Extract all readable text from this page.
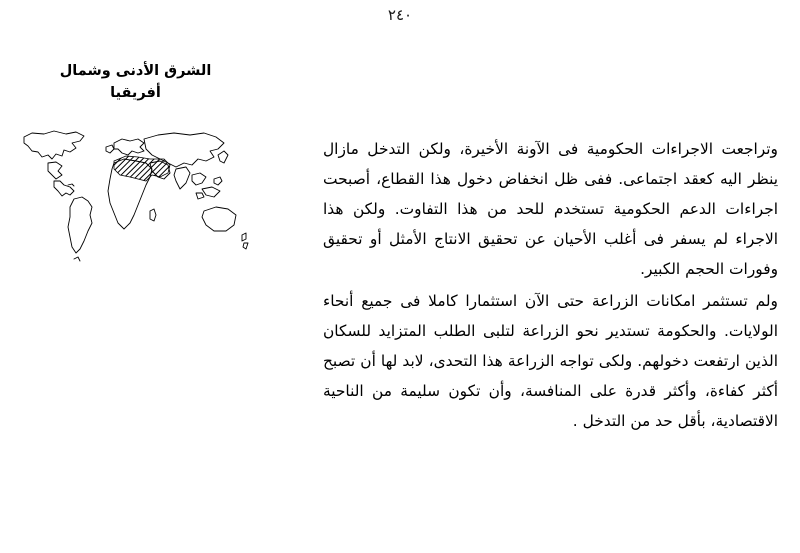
٢٤٠
الشرق الأدنى وشمال
أفريقيا

وتراجعت الاجراءات الحكومية فى الآونة الأخيرة، ولكن التدخل مازال ينظر اليه كعقد اجتماعى. ففى ظل انخفاض دخول هذا القطاع، أصبحت اجراءات الدعم الحكومية تستخدم للحد من هذا التفاوت. ولكن هذا الاجراء لم يسفر فى أغلب الأحيان عن تحقيق الانتاج الأمثل أو تحقيق وفورات الحجم الكبير.

ولم تستثمر امكانات الزراعة حتى الآن استثمارا كاملا فى جميع أنحاء الولايات. والحكومة تستدير نحو الزراعة لتلبى الطلب المتزايد للسكان الذين ارتفعت دخولهم. ولكى تواجه الزراعة هذا التحدى، لابد لها أن تصبح أكثر كفاءة، وأكثر قدرة على المنافسة، وأن تكون سليمة من الناحية الاقتصادية، بأقل حد من التدخل .
